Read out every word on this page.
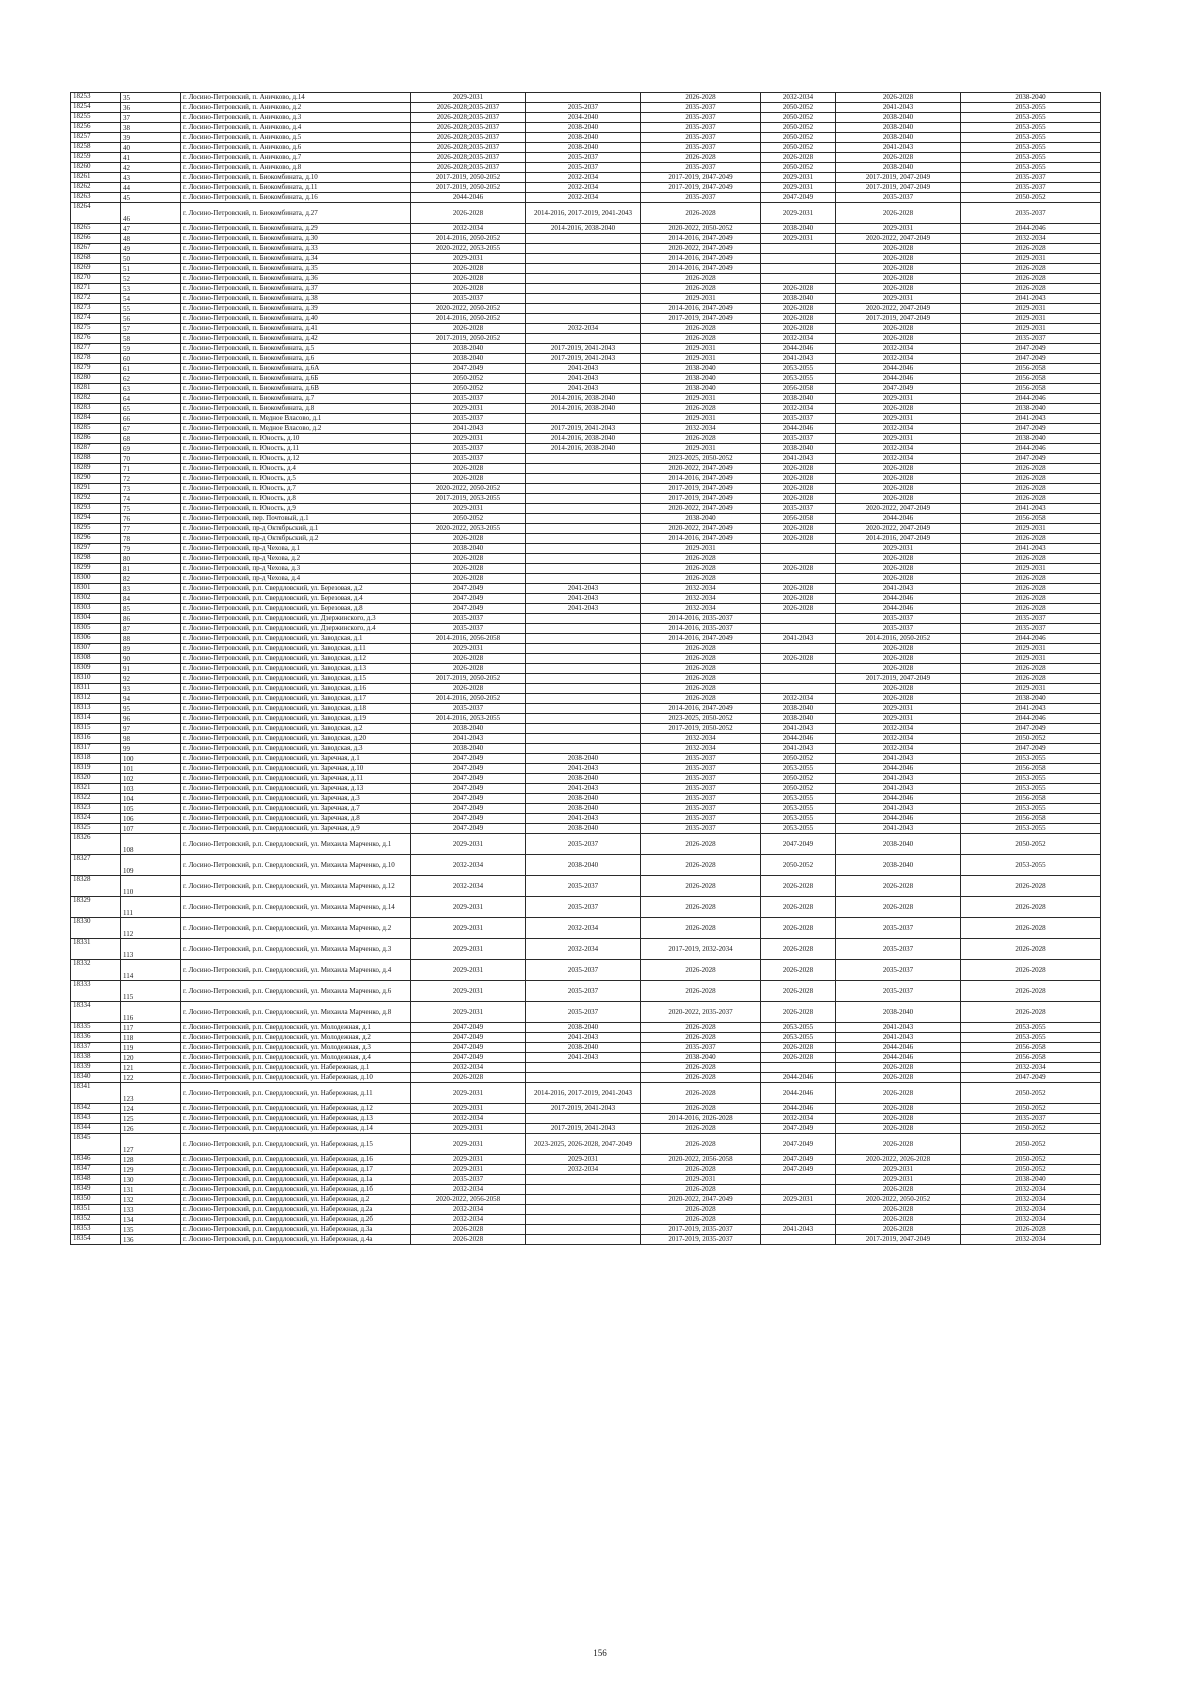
18253	35	г. Лосино-Петровский, п. Аничково, д.14	2029-2031		2026-2028	2032-2034	2026-2028	2038-2040
18254	36	г. Лосино-Петровский, п. Аничково, д.2	2026-2028;2035-2037	2035-2037	2035-2037	2050-2052	2041-2043	2053-2055
18255	37	г. Лосино-Петровский, п. Аничково, д.3	2026-2028;2035-2037	2034-2040	2035-2037	2050-2052	2038-2040	2053-2055
18256	38	г. Лосино-Петровский, п. Аничково, д.4	2026-2028;2035-2037	2038-2040	2035-2037	2050-2052	2038-2040	2053-2055
18257	39	г. Лосино-Петровский, п. Аничково, д.5	2026-2028;2035-2037	2038-2040	2035-2037	2050-2052	2038-2040	2053-2055
18258	40	г. Лосино-Петровский, п. Аничково, д.6	2026-2028;2035-2037	2038-2040	2035-2037	2050-2052	2041-2043	2053-2055
18259	41	г. Лосино-Петровский, п. Аничково, д.7	2026-2028;2035-2037	2035-2037	2026-2028	2026-2028	2026-2028	2053-2055
18260	42	г. Лосино-Петровский, п. Аничково, д.8	2026-2028;2035-2037	2035-2037	2035-2037	2050-2052	2038-2040	2053-2055
18261	43	г. Лосино-Петровский, п. Биокомбината, д.10	2017-2019, 2050-2052	2032-2034	2017-2019, 2047-2049	2029-2031	2017-2019, 2047-2049	2035-2037
18262	44	г. Лосино-Петровский, п. Биокомбината, д.11	2017-2019, 2050-2052	2032-2034	2017-2019, 2047-2049	2029-2031	2017-2019, 2047-2049	2035-2037
18263	45	г. Лосино-Петровский, п. Биокомбината, д.16	2044-2046	2032-2034	2035-2037	2047-2049	2035-2037	2050-2052
18264	46	г. Лосино-Петровский, п. Биокомбината, д.27	2026-2028	2014-2016, 2017-2019, 2041-2043	2026-2028	2029-2031	2026-2028	2035-2037
18265	47	г. Лосино-Петровский, п. Биокомбината, д.29	2032-2034	2014-2016, 2038-2040	2020-2022, 2050-2052	2038-2040	2029-2031	2044-2046
18266	48	г. Лосино-Петровский, п. Биокомбината, д.30	2014-2016, 2050-2052		2014-2016, 2047-2049	2029-2031	2020-2022, 2047-2049	2032-2034
18267	49	г. Лосино-Петровский, п. Биокомбината, д.33	2020-2022, 2053-2055		2020-2022, 2047-2049		2026-2028	2026-2028
18268	50	г. Лосино-Петровский, п. Биокомбината, д.34	2029-2031		2014-2016, 2047-2049		2026-2028	2029-2031
18269	51	г. Лосино-Петровский, п. Биокомбината, д.35	2026-2028		2014-2016, 2047-2049		2026-2028	2026-2028
18270	52	г. Лосино-Петровский, п. Биокомбината, д.36	2026-2028		2026-2028		2026-2028	2026-2028
18271	53	г. Лосино-Петровский, п. Биокомбината, д.37	2026-2028		2026-2028	2026-2028	2026-2028	2026-2028
18272	54	г. Лосино-Петровский, п. Биокомбината, д.38	2035-2037		2029-2031	2038-2040	2029-2031	2041-2043
18273	55	г. Лосино-Петровский, п. Биокомбината, д.39	2020-2022, 2050-2052		2014-2016, 2047-2049	2026-2028	2020-2022, 2047-2049	2029-2031
18274	56	г. Лосино-Петровский, п. Биокомбината, д.40	2014-2016, 2050-2052		2017-2019, 2047-2049	2026-2028	2017-2019, 2047-2049	2029-2031
18275	57	г. Лосино-Петровский, п. Биокомбината, д.41	2026-2028	2032-2034	2026-2028	2026-2028	2026-2028	2029-2031
18276	58	г. Лосино-Петровский, п. Биокомбината, д.42	2017-2019, 2050-2052		2026-2028	2032-2034	2026-2028	2035-2037
18277	59	г. Лосино-Петровский, п. Биокомбината, д.5	2038-2040	2017-2019, 2041-2043	2029-2031	2044-2046	2032-2034	2047-2049
18278	60	г. Лосино-Петровский, п. Биокомбината, д.6	2038-2040	2017-2019, 2041-2043	2029-2031	2041-2043	2032-2034	2047-2049
18279	61	г. Лосино-Петровский, п. Биокомбината, д.6А	2047-2049	2041-2043	2038-2040	2053-2055	2044-2046	2056-2058
18280	62	г. Лосино-Петровский, п. Биокомбината, д.6Б	2050-2052	2041-2043	2038-2040	2053-2055	2044-2046	2056-2058
18281	63	г. Лосино-Петровский, п. Биокомбината, д.6В	2050-2052	2041-2043	2038-2040	2056-2058	2047-2049	2056-2058
18282	64	г. Лосино-Петровский, п. Биокомбината, д.7	2035-2037	2014-2016, 2038-2040	2029-2031	2038-2040	2029-2031	2044-2046
18283	65	г. Лосино-Петровский, п. Биокомбината, д.8	2029-2031	2014-2016, 2038-2040	2026-2028	2032-2034	2026-2028	2038-2040
18284	66	г. Лосино-Петровский, п. Медное Власово, д.1	2035-2037		2029-2031	2035-2037	2029-2031	2041-2043
18285	67	г. Лосино-Петровский, п. Медное Власово, д.2	2041-2043	2017-2019, 2041-2043	2032-2034	2044-2046	2032-2034	2047-2049
18286	68	г. Лосино-Петровский, п. Юность, д.10	2029-2031	2014-2016, 2038-2040	2026-2028	2035-2037	2029-2031	2038-2040
18287	69	г. Лосино-Петровский, п. Юность, д.11	2035-2037	2014-2016, 2038-2040	2029-2031	2038-2040	2032-2034	2044-2046
18288	70	г. Лосино-Петровский, п. Юность, д.12	2035-2037		2023-2025, 2050-2052	2041-2043	2032-2034	2047-2049
18289	71	г. Лосино-Петровский, п. Юность, д.4	2026-2028		2020-2022, 2047-2049	2026-2028	2026-2028	2026-2028
18290	72	г. Лосино-Петровский, п. Юность, д.5	2026-2028		2014-2016, 2047-2049	2026-2028	2026-2028	2026-2028
18291	73	г. Лосино-Петровский, п. Юность, д.7	2020-2022, 2050-2052		2017-2019, 2047-2049	2026-2028	2026-2028	2026-2028
18292	74	г. Лосино-Петровский, п. Юность, д.8	2017-2019, 2053-2055		2017-2019, 2047-2049	2026-2028	2026-2028	2026-2028
18293	75	г. Лосино-Петровский, п. Юность, д.9	2029-2031		2020-2022, 2047-2049	2035-2037	2020-2022, 2047-2049	2041-2043
18294	76	г. Лосино-Петровский, пер. Почтовый, д.1	2050-2052		2038-2040	2056-2058	2044-2046	2056-2058
18295	77	г. Лосино-Петровский, пр-д Октябрьский, д.1	2020-2022, 2053-2055		2020-2022, 2047-2049	2026-2028	2020-2022, 2047-2049	2029-2031
18296	78	г. Лосино-Петровский, пр-д Октябрьский, д.2	2026-2028		2014-2016, 2047-2049	2026-2028	2014-2016, 2047-2049	2026-2028
18297	79	г. Лосино-Петровский, пр-д Чехова, д.1	2038-2040		2029-2031		2029-2031	2041-2043
18298	80	г. Лосино-Петровский, пр-д Чехова, д.2	2026-2028		2026-2028		2026-2028	2026-2028
18299	81	г. Лосино-Петровский, пр-д Чехова, д.3	2026-2028		2026-2028	2026-2028	2026-2028	2029-2031
18300	82	г. Лосино-Петровский, пр-д Чехова, д.4	2026-2028		2026-2028		2026-2028	2026-2028
18301	83	г. Лосино-Петровский, р.п. Свердловский, ул. Березовая, д.2	2047-2049	2041-2043	2032-2034	2026-2028	2041-2043	2026-2028
18302	84	г. Лосино-Петровский, р.п. Свердловский, ул. Березовая, д.4	2047-2049	2041-2043	2032-2034	2026-2028	2044-2046	2026-2028
18303	85	г. Лосино-Петровский, р.п. Свердловский, ул. Березовая, д.8	2047-2049	2041-2043	2032-2034	2026-2028	2044-2046	2026-2028
18304	86	г. Лосино-Петровский, р.п. Свердловский, ул. Дзержинского, д.3	2035-2037		2014-2016, 2035-2037		2035-2037	2035-2037
18305	87	г. Лосино-Петровский, р.п. Свердловский, ул. Дзержинского, д.4	2035-2037		2014-2016, 2035-2037		2035-2037	2035-2037
18306	88	г. Лосино-Петровский, р.п. Свердловский, ул. Заводская, д.1	2014-2016, 2056-2058		2014-2016, 2047-2049	2041-2043	2014-2016, 2050-2052	2044-2046
18307	89	г. Лосино-Петровский, р.п. Свердловский, ул. Заводская, д.11	2029-2031		2026-2028		2026-2028	2029-2031
18308	90	г. Лосино-Петровский, р.п. Свердловский, ул. Заводская, д.12	2026-2028		2026-2028	2026-2028	2026-2028	2029-2031
18309	91	г. Лосино-Петровский, р.п. Свердловский, ул. Заводская, д.13	2026-2028		2026-2028		2026-2028	2026-2028
18310	92	г. Лосино-Петровский, р.п. Свердловский, ул. Заводская, д.15	2017-2019, 2050-2052		2026-2028		2017-2019, 2047-2049	2026-2028
18311	93	г. Лосино-Петровский, р.п. Свердловский, ул. Заводская, д.16	2026-2028		2026-2028		2026-2028	2029-2031
18312	94	г. Лосино-Петровский, р.п. Свердловский, ул. Заводская, д.17	2014-2016, 2050-2052		2026-2028	2032-2034	2026-2028	2038-2040
18313	95	г. Лосино-Петровский, р.п. Свердловский, ул. Заводская, д.18	2035-2037		2014-2016, 2047-2049	2038-2040	2029-2031	2041-2043
18314	96	г. Лосино-Петровский, р.п. Свердловский, ул. Заводская, д.19	2014-2016, 2053-2055		2023-2025, 2050-2052	2038-2040	2029-2031	2044-2046
18315	97	г. Лосино-Петровский, р.п. Свердловский, ул. Заводская, д.2	2038-2040		2017-2019, 2050-2052	2041-2043	2032-2034	2047-2049
18316	98	г. Лосино-Петровский, р.п. Свердловский, ул. Заводская, д.20	2041-2043		2032-2034	2044-2046	2032-2034	2050-2052
18317	99	г. Лосино-Петровский, р.п. Свердловский, ул. Заводская, д.3	2038-2040		2032-2034	2041-2043	2032-2034	2047-2049
18318	100	г. Лосино-Петровский, р.п. Свердловский, ул. Заречная, д.1	2047-2049	2038-2040	2035-2037	2050-2052	2041-2043	2053-2055
18319	101	г. Лосино-Петровский, р.п. Свердловский, ул. Заречная, д.10	2047-2049	2041-2043	2035-2037	2053-2055	2044-2046	2056-2058
18320	102	г. Лосино-Петровский, р.п. Свердловский, ул. Заречная, д.11	2047-2049	2038-2040	2035-2037	2050-2052	2041-2043	2053-2055
18321	103	г. Лосино-Петровский, р.п. Свердловский, ул. Заречная, д.13	2047-2049	2041-2043	2035-2037	2050-2052	2041-2043	2053-2055
18322	104	г. Лосино-Петровский, р.п. Свердловский, ул. Заречная, д.3	2047-2049	2038-2040	2035-2037	2053-2055	2044-2046	2056-2058
18323	105	г. Лосино-Петровский, р.п. Свердловский, ул. Заречная, д.7	2047-2049	2038-2040	2035-2037	2053-2055	2041-2043	2053-2055
18324	106	г. Лосино-Петровский, р.п. Свердловский, ул. Заречная, д.8	2047-2049	2041-2043	2035-2037	2053-2055	2044-2046	2056-2058
18325	107	г. Лосино-Петровский, р.п. Свердловский, ул. Заречная, д.9	2047-2049	2038-2040	2035-2037	2053-2055	2041-2043	2053-2055
18326	108	г. Лосино-Петровский, р.п. Свердловский, ул. Михаила Марченко, д.1	2029-2031	2035-2037	2026-2028	2047-2049	2038-2040	2050-2052
18327	109	г. Лосино-Петровский, р.п. Свердловский, ул. Михаила Марченко, д.10	2032-2034	2038-2040	2026-2028	2050-2052	2038-2040	2053-2055
18328	110	г. Лосино-Петровский, р.п. Свердловский, ул. Михаила Марченко, д.12	2032-2034	2035-2037	2026-2028	2026-2028	2026-2028	2026-2028
18329	111	г. Лосино-Петровский, р.п. Свердловский, ул. Михаила Марченко, д.14	2029-2031	2035-2037	2026-2028	2026-2028	2026-2028	2026-2028
18330	112	г. Лосино-Петровский, р.п. Свердловский, ул. Михаила Марченко, д.2	2029-2031	2032-2034	2026-2028	2026-2028	2035-2037	2026-2028
18331	113	г. Лосино-Петровский, р.п. Свердловский, ул. Михаила Марченко, д.3	2029-2031	2032-2034	2017-2019, 2032-2034	2026-2028	2035-2037	2026-2028
18332	114	г. Лосино-Петровский, р.п. Свердловский, ул. Михаила Марченко, д.4	2029-2031	2035-2037	2026-2028	2026-2028	2035-2037	2026-2028
18333	115	г. Лосино-Петровский, р.п. Свердловский, ул. Михаила Марченко, д.6	2029-2031	2035-2037	2026-2028	2026-2028	2035-2037	2026-2028
18334	116	г. Лосино-Петровский, р.п. Свердловский, ул. Михаила Марченко, д.8	2029-2031	2035-2037	2020-2022, 2035-2037	2026-2028	2038-2040	2026-2028
18335	117	г. Лосино-Петровский, р.п. Свердловский, ул. Молодежная, д.1	2047-2049	2038-2040	2026-2028	2053-2055	2041-2043	2053-2055
18336	118	г. Лосино-Петровский, р.п. Свердловский, ул. Молодежная, д.2	2047-2049	2041-2043	2026-2028	2053-2055	2041-2043	2053-2055
18337	119	г. Лосино-Петровский, р.п. Свердловский, ул. Молодежная, д.3	2047-2049	2038-2040	2035-2037	2026-2028	2044-2046	2056-2058
18338	120	г. Лосино-Петровский, р.п. Свердловский, ул. Молодежная, д.4	2047-2049	2041-2043	2038-2040	2026-2028	2044-2046	2056-2058
18339	121	г. Лосино-Петровский, р.п. Свердловский, ул. Набережная, д.1	2032-2034		2026-2028		2026-2028	2032-2034
18340	122	г. Лосино-Петровский, р.п. Свердловский, ул. Набережная, д.10	2026-2028		2026-2028	2044-2046	2026-2028	2047-2049
18341	123	г. Лосино-Петровский, р.п. Свердловский, ул. Набережная, д.11	2029-2031	2014-2016, 2017-2019, 2041-2043	2026-2028	2044-2046	2026-2028	2050-2052
18342	124	г. Лосино-Петровский, р.п. Свердловский, ул. Набережная, д.12	2029-2031	2017-2019, 2041-2043	2026-2028	2044-2046	2026-2028	2050-2052
18343	125	г. Лосино-Петровский, р.п. Свердловский, ул. Набережная, д.13	2032-2034		2014-2016, 2026-2028	2032-2034	2026-2028	2035-2037
18344	126	г. Лосино-Петровский, р.п. Свердловский, ул. Набережная, д.14	2029-2031	2017-2019, 2041-2043	2026-2028	2047-2049	2026-2028	2050-2052
18345	127	г. Лосино-Петровский, р.п. Свердловский, ул. Набережная, д.15	2029-2031	2023-2025, 2026-2028, 2047-2049	2026-2028	2047-2049	2026-2028	2050-2052
18346	128	г. Лосино-Петровский, р.п. Свердловский, ул. Набережная, д.16	2029-2031	2029-2031	2020-2022, 2056-2058	2047-2049	2020-2022, 2026-2028	2050-2052
18347	129	г. Лосино-Петровский, р.п. Свердловский, ул. Набережная, д.17	2029-2031	2032-2034	2026-2028	2047-2049	2029-2031	2050-2052
18348	130	г. Лосино-Петровский, р.п. Свердловский, ул. Набережная, д.1а	2035-2037		2029-2031		2029-2031	2038-2040
18349	131	г. Лосино-Петровский, р.п. Свердловский, ул. Набережная, д.1б	2032-2034		2026-2028		2026-2028	2032-2034
18350	132	г. Лосино-Петровский, р.п. Свердловский, ул. Набережная, д.2	2020-2022, 2056-2058		2020-2022, 2047-2049	2029-2031	2020-2022, 2050-2052	2032-2034
18351	133	г. Лосино-Петровский, р.п. Свердловский, ул. Набережная, д.2а	2032-2034		2026-2028		2026-2028	2032-2034
18352	134	г. Лосино-Петровский, р.п. Свердловский, ул. Набережная, д.2б	2032-2034		2026-2028		2026-2028	2032-2034
18353	135	г. Лосино-Петровский, р.п. Свердловский, ул. Набережная, д.3а	2026-2028		2017-2019, 2035-2037	2041-2043	2026-2028	2026-2028
18354	136	г. Лосино-Петровский, р.п. Свердловский, ул. Набережная, д.4а	2026-2028		2017-2019, 2035-2037		2017-2019, 2047-2049	2032-2034
156
